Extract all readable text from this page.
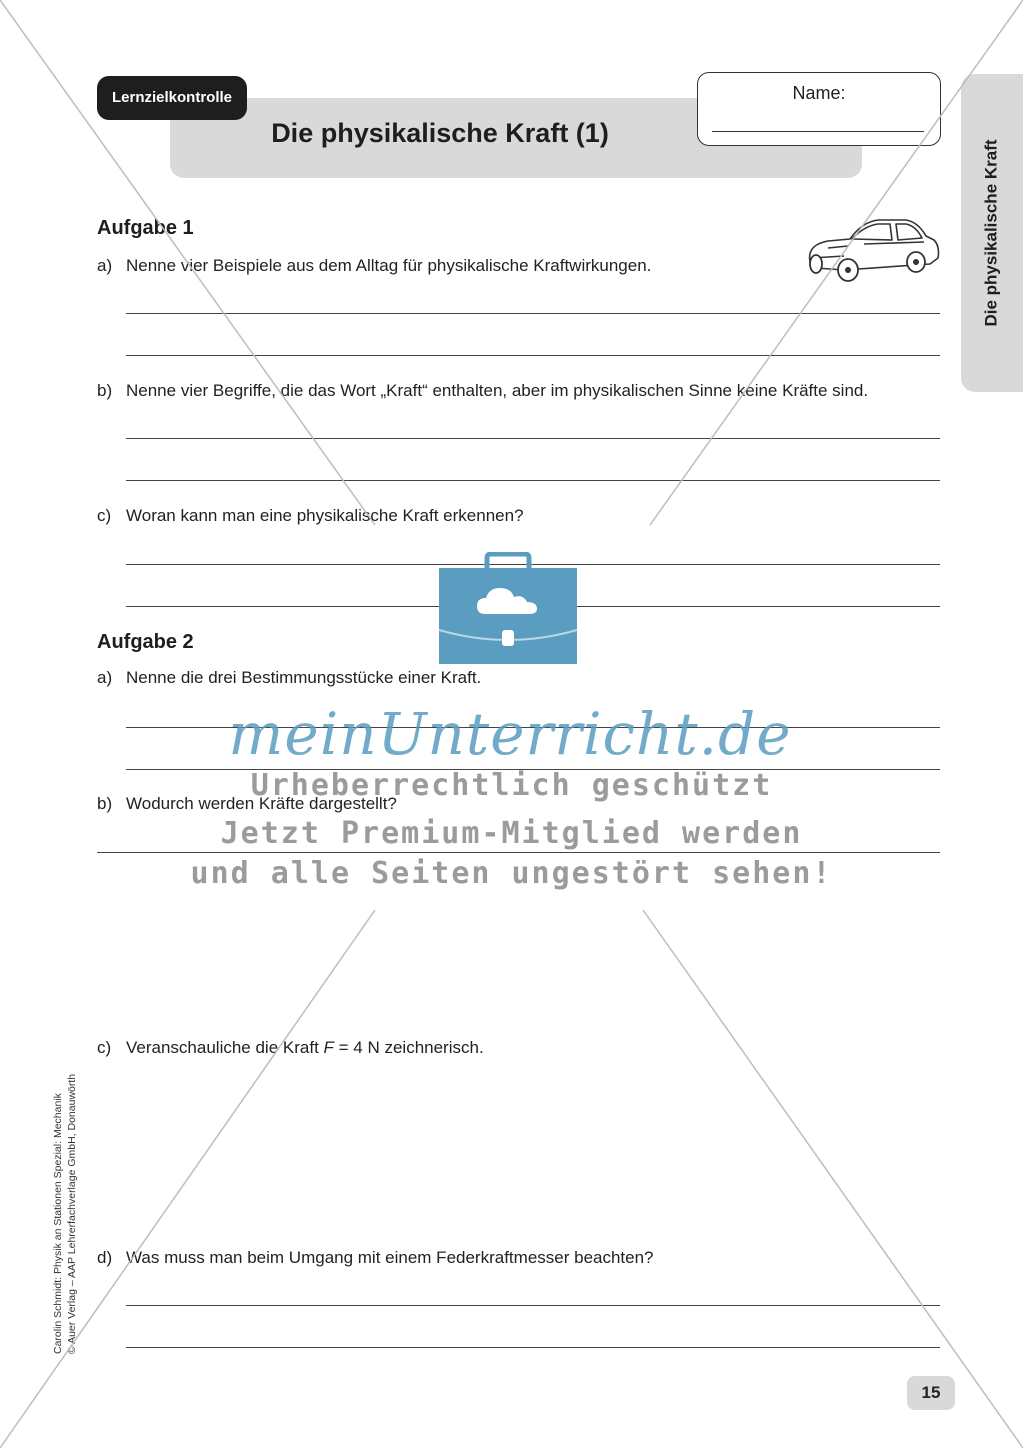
Lernzielkontrolle
Die physikalische Kraft (1)
Name:
Die physikalische Kraft
Aufgabe 1
a) Nenne vier Beispiele aus dem Alltag für physikalische Kraftwirkungen.
b) Nenne vier Begriffe, die das Wort „Kraft“ enthalten, aber im physikalischen Sinne keine Kräfte sind.
c) Woran kann man eine physikalische Kraft erkennen?
Aufgabe 2
a) Nenne die drei Bestimmungsstücke einer Kraft.
b) Wodurch werden Kräfte dargestellt?
c) Veranschauliche die Kraft F = 4 N zeichnerisch.
d) Was muss man beim Umgang mit einem Federkraftmesser beachten?
Carolin Schmidt: Physik an Stationen Spezial: Mechanik © Auer Verlag – AAP Lehrerfachverlage GmbH, Donauwörth
15
meinUnterricht.de
Urheberrechtlich geschützt
Jetzt Premium-Mitglied werden
und alle Seiten ungestört sehen!
